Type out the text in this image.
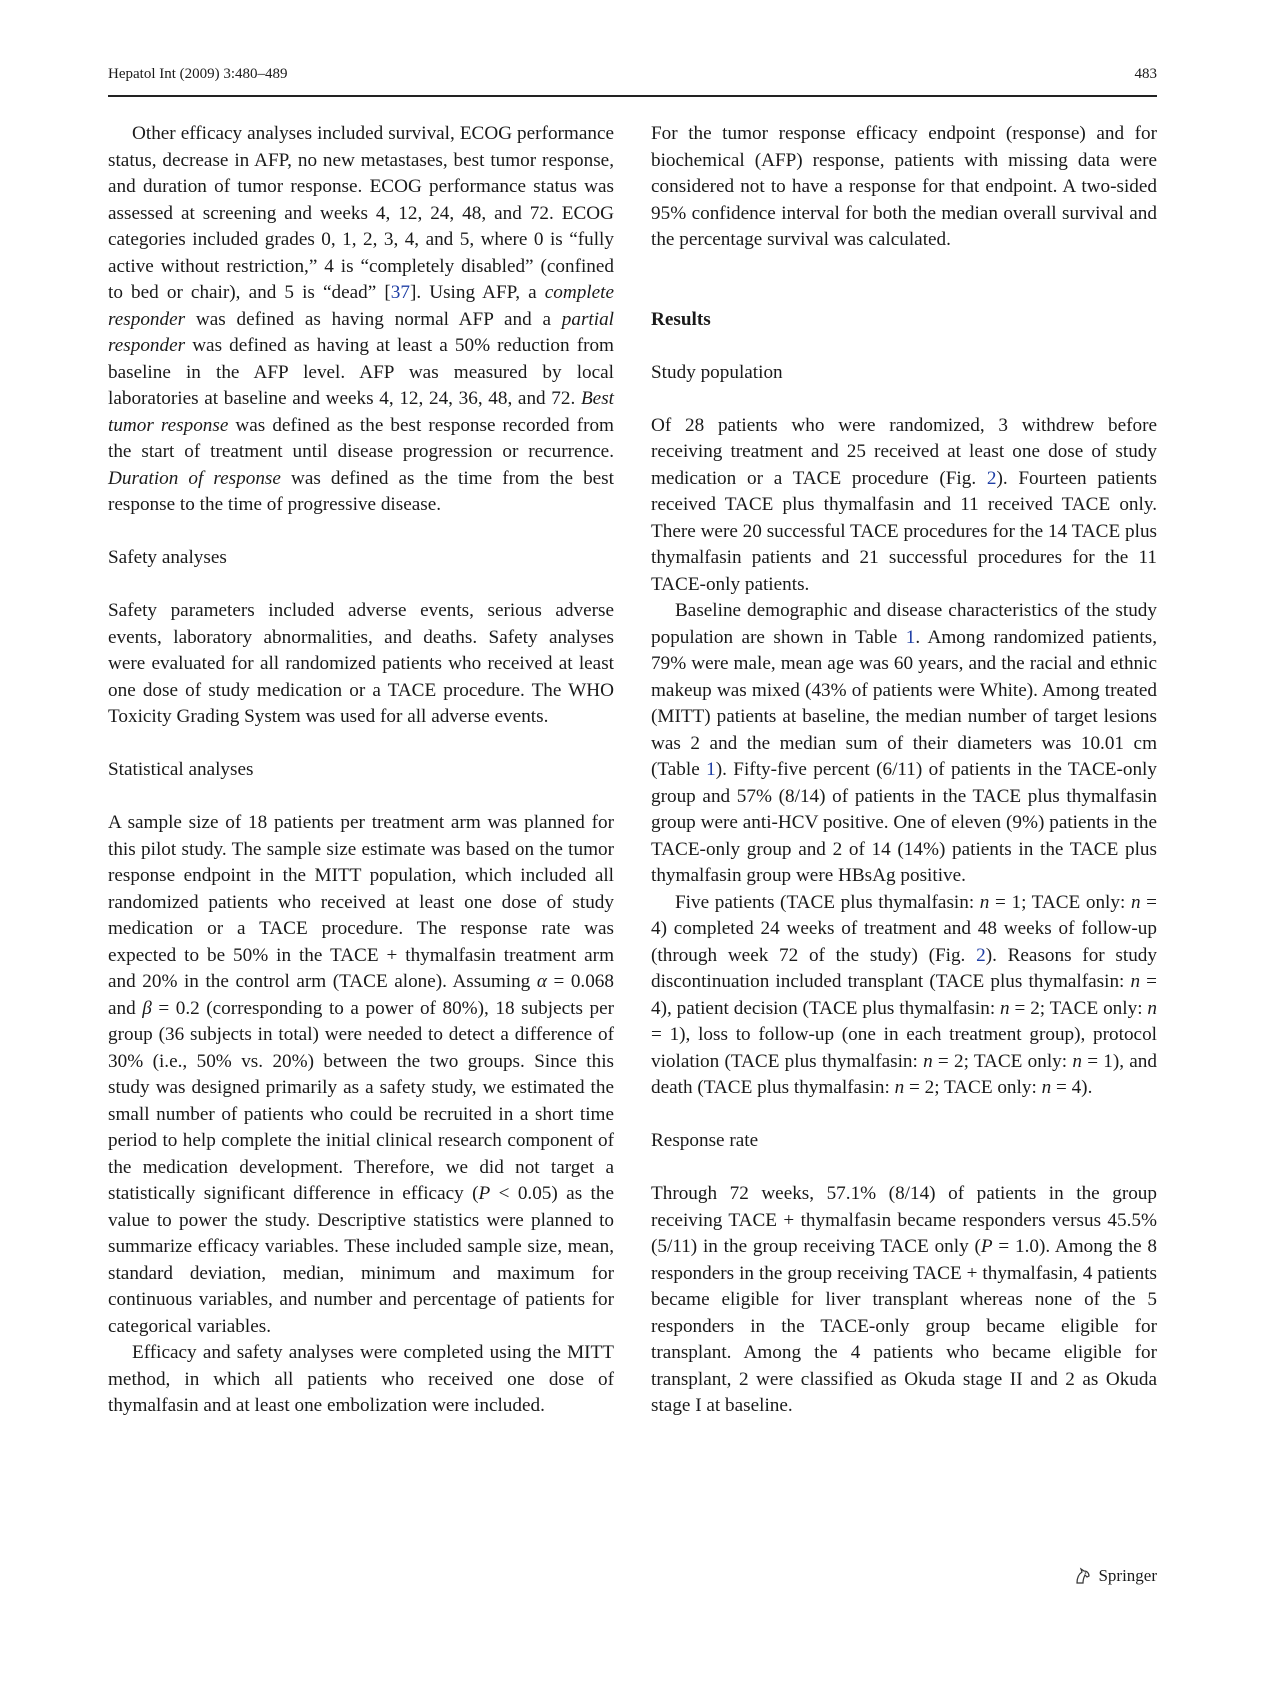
Hepatol Int (2009) 3:480–489	483

Other efficacy analyses included survival, ECOG performance status, decrease in AFP, no new metastases, best tumor response, and duration of tumor response. ECOG performance status was assessed at screening and weeks 4, 12, 24, 48, and 72. ECOG categories included grades 0, 1, 2, 3, 4, and 5, where 0 is “fully active without restriction,” 4 is “completely disabled” (confined to bed or chair), and 5 is “dead” [37]. Using AFP, a complete responder was defined as having normal AFP and a partial responder was defined as having at least a 50% reduction from baseline in the AFP level. AFP was measured by local laboratories at baseline and weeks 4, 12, 24, 36, 48, and 72. Best tumor response was defined as the best response recorded from the start of treatment until disease progression or recurrence. Duration of response was defined as the time from the best response to the time of progressive disease.

Safety analyses

Safety parameters included adverse events, serious adverse events, laboratory abnormalities, and deaths. Safety analyses were evaluated for all randomized patients who received at least one dose of study medication or a TACE procedure. The WHO Toxicity Grading System was used for all adverse events.

Statistical analyses

A sample size of 18 patients per treatment arm was planned for this pilot study. The sample size estimate was based on the tumor response endpoint in the MITT population, which included all randomized patients who received at least one dose of study medication or a TACE procedure. The response rate was expected to be 50% in the TACE + thymalfasin treatment arm and 20% in the control arm (TACE alone). Assuming α = 0.068 and β = 0.2 (corresponding to a power of 80%), 18 subjects per group (36 subjects in total) were needed to detect a difference of 30% (i.e., 50% vs. 20%) between the two groups. Since this study was designed primarily as a safety study, we estimated the small number of patients who could be recruited in a short time period to help complete the initial clinical research component of the medication development. Therefore, we did not target a statistically significant difference in efficacy (P < 0.05) as the value to power the study. Descriptive statistics were planned to summarize efficacy variables. These included sample size, mean, standard deviation, median, minimum and maximum for continuous variables, and number and percentage of patients for categorical variables.

Efficacy and safety analyses were completed using the MITT method, in which all patients who received one dose of thymalfasin and at least one embolization were included.

For the tumor response efficacy endpoint (response) and for biochemical (AFP) response, patients with missing data were considered not to have a response for that endpoint. A two-sided 95% confidence interval for both the median overall survival and the percentage survival was calculated.

Results
Study population

Of 28 patients who were randomized, 3 withdrew before receiving treatment and 25 received at least one dose of study medication or a TACE procedure (Fig. 2). Fourteen patients received TACE plus thymalfasin and 11 received TACE only. There were 20 successful TACE procedures for the 14 TACE plus thymalfasin patients and 21 successful procedures for the 11 TACE-only patients.

Baseline demographic and disease characteristics of the study population are shown in Table 1. Among randomized patients, 79% were male, mean age was 60 years, and the racial and ethnic makeup was mixed (43% of patients were White). Among treated (MITT) patients at baseline, the median number of target lesions was 2 and the median sum of their diameters was 10.01 cm (Table 1). Fifty-five percent (6/11) of patients in the TACE-only group and 57% (8/14) of patients in the TACE plus thymalfasin group were anti-HCV positive. One of eleven (9%) patients in the TACE-only group and 2 of 14 (14%) patients in the TACE plus thymalfasin group were HBsAg positive.

Five patients (TACE plus thymalfasin: n = 1; TACE only: n = 4) completed 24 weeks of treatment and 48 weeks of follow-up (through week 72 of the study) (Fig. 2). Reasons for study discontinuation included transplant (TACE plus thymalfasin: n = 4), patient decision (TACE plus thymalfasin: n = 2; TACE only: n = 1), loss to follow-up (one in each treatment group), protocol violation (TACE plus thymalfasin: n = 2; TACE only: n = 1), and death (TACE plus thymalfasin: n = 2; TACE only: n = 4).

Response rate

Through 72 weeks, 57.1% (8/14) of patients in the group receiving TACE + thymalfasin became responders versus 45.5% (5/11) in the group receiving TACE only (P = 1.0). Among the 8 responders in the group receiving TACE + thymalfasin, 4 patients became eligible for liver transplant whereas none of the 5 responders in the TACE-only group became eligible for transplant. Among the 4 patients who became eligible for transplant, 2 were classified as Okuda stage II and 2 as Okuda stage I at baseline.

Springer
